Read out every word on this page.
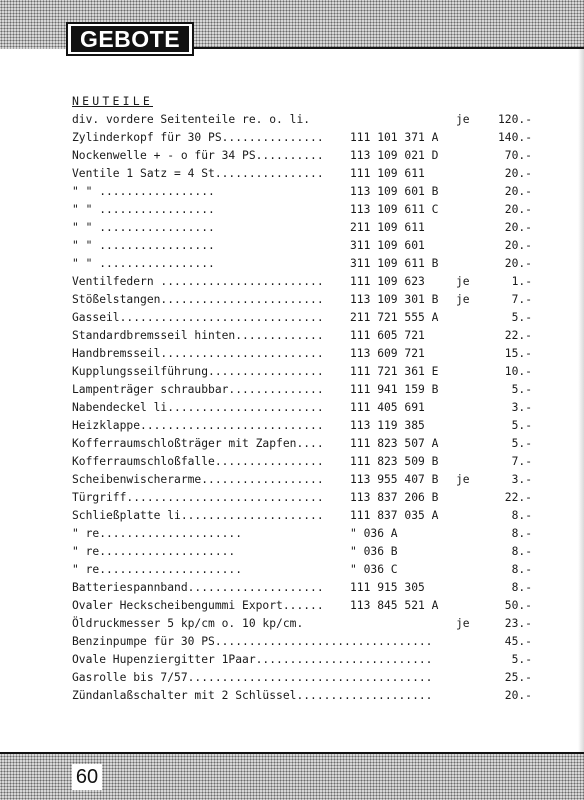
GEBOTE
NEUTEILE
div. vordere Seitenteile re. o. li.	je	120.-
Zylinderkopf für 30 PS............... 111 101 371 A	140.-
Nockenwelle + - o für 34 PS.......... 113 109 021 D	70.-
Ventile 1 Satz = 4 St................ 111 109 611	20.-
" " .................	113 109 601 B	20.-
" " .................	113 109 611 C	20.-
" " .................	211 109 611	20.-
" " .................	311 109 601	20.-
" " .................	311 109 611 B	20.-
Ventilfedern ........................ 111 109 623	je	1.-
Stößelstangen........................ 113 109 301 B je	7.-
Gasseil.............................. 211 721 555 A	5.-
Standardbremsseil hinten............. 111 605 721	22.-
Handbremsseil........................ 113 609 721	15.-
Kupplungsseilführung................. 111 721 361 E	10.-
Lampenträger schraubbar.............. 111 941 159 B	5.-
Nabendeckel li....................... 111 405 691	3.-
Heizklappe........................... 113 119 385	5.-
Kofferraumschloßträger mit Zapfen.... 111 823 507 A	5.-
Kofferraumschloßfalle................ 111 823 509 B	7.-
Scheibenwischerarme.................. 113 955 407 B je	3.-
Türgriff............................. 113 837 206 B	22.-
Schließplatte li..................... 111 837 035 A	8.-
" re.....................	" 036 A	8.-
" re....................	" 036 B	8.-
" re.....................	" 036 C	8.-
Batteriespannband.................... 111 915 305	8.-
Ovaler Heckscheibengummi Export...... 113 845 521 A	50.-
Öldruckmesser 5 kp/cm o. 10 kp/cm.	je	23.-
Benzinpumpe für 30 PS................................	45.-
Ovale Hupenziergitter 1Paar..........................	5.-
Gasrolle bis 7/57....................................	25.-
Zündanlaßschalter mit 2 Schlüssel....................	20.-
60
